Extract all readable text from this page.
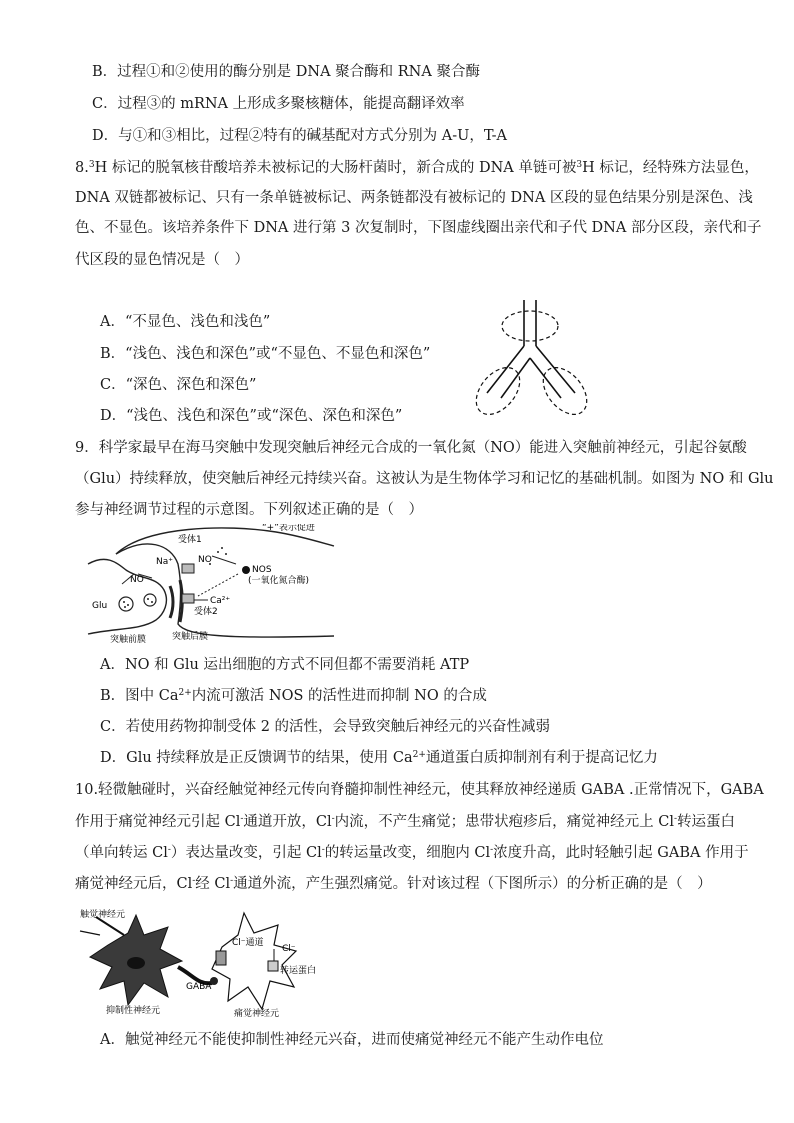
B．过程①和②使用的酶分别是 DNA 聚合酶和 RNA 聚合酶
C．过程③的 mRNA 上形成多聚核糖体，能提高翻译效率
D．与①和③相比，过程②特有的碱基配对方式分别为 A-U，T-A
8.$^3$H 标记的脱氧核苷酸培养未被标记的大肠杆菌时，新合成的 DNA 单链可被$^3$H 标记，经特殊方法显色，
DNA 双链都被标记、只有一条单链被标记、两条链都没有被标记的 DNA 区段的显色结果分别是深色、浅
色、不显色。该培养条件下 DNA 进行第 3 次复制时，下图虚线圈出亲代和子代 DNA 部分区段，亲代和子
代区段的显色情况是（　）
A．“不显色、浅色和浅色”
B．“浅色、浅色和深色”或“不显色、不显色和深色”
C．“深色、深色和深色”
D．“浅色、浅色和深色”或“深色、深色和深色”
9．科学家最早在海马突触中发现突触后神经元合成的一氧化氮（NO）能进入突触前神经元，引起谷氨酸
（Glu）持续释放，使突触后神经元持续兴奋。这被认为是生物体学习和记忆的基础机制。如图为 NO 和 Glu
参与神经调节过程的示意图。下列叙述正确的是（　）
“+”表示促进
受体1
Na⁺	NO
NOS
(一氧化氮合酶)
NO
Glu	Ca²⁺
受体2
突触前膜	突触后膜
A．NO 和 Glu 运出细胞的方式不同但都不需要消耗 ATP
B．图中 $Ca^{2+}$内流可激活 NOS 的活性进而抑制 NO 的合成
C．若使用药物抑制受体 2 的活性，会导致突触后神经元的兴奋性减弱
D．Glu 持续释放是正反馈调节的结果，使用 $Ca^{2+}$通道蛋白质抑制剂有利于提高记忆力
10.轻微触碰时，兴奋经触觉神经元传向脊髓抑制性神经元，使其释放神经递质 GABA .正常情况下，GABA
作用于痛觉神经元引起 Cl-通道开放，Cl-内流，不产生痛觉；患带状疱疹后，痛觉神经元上 Cl-转运蛋白
（单向转运 Cl-）表达量改变，引起 Cl-的转运量改变，细胞内 Cl-浓度升高，此时轻触引起 GABA 作用于
痛觉神经元后，Cl-经 Cl-通道外流，产生强烈痛觉。针对该过程（下图所示）的分析正确的是（　）
触觉神经元
Cl⁻通道
Cl⁻
转运蛋白
GABA
抑制性神经元	痛觉神经元
A．触觉神经元不能使抑制性神经元兴奋，进而使痛觉神经元不能产生动作电位
